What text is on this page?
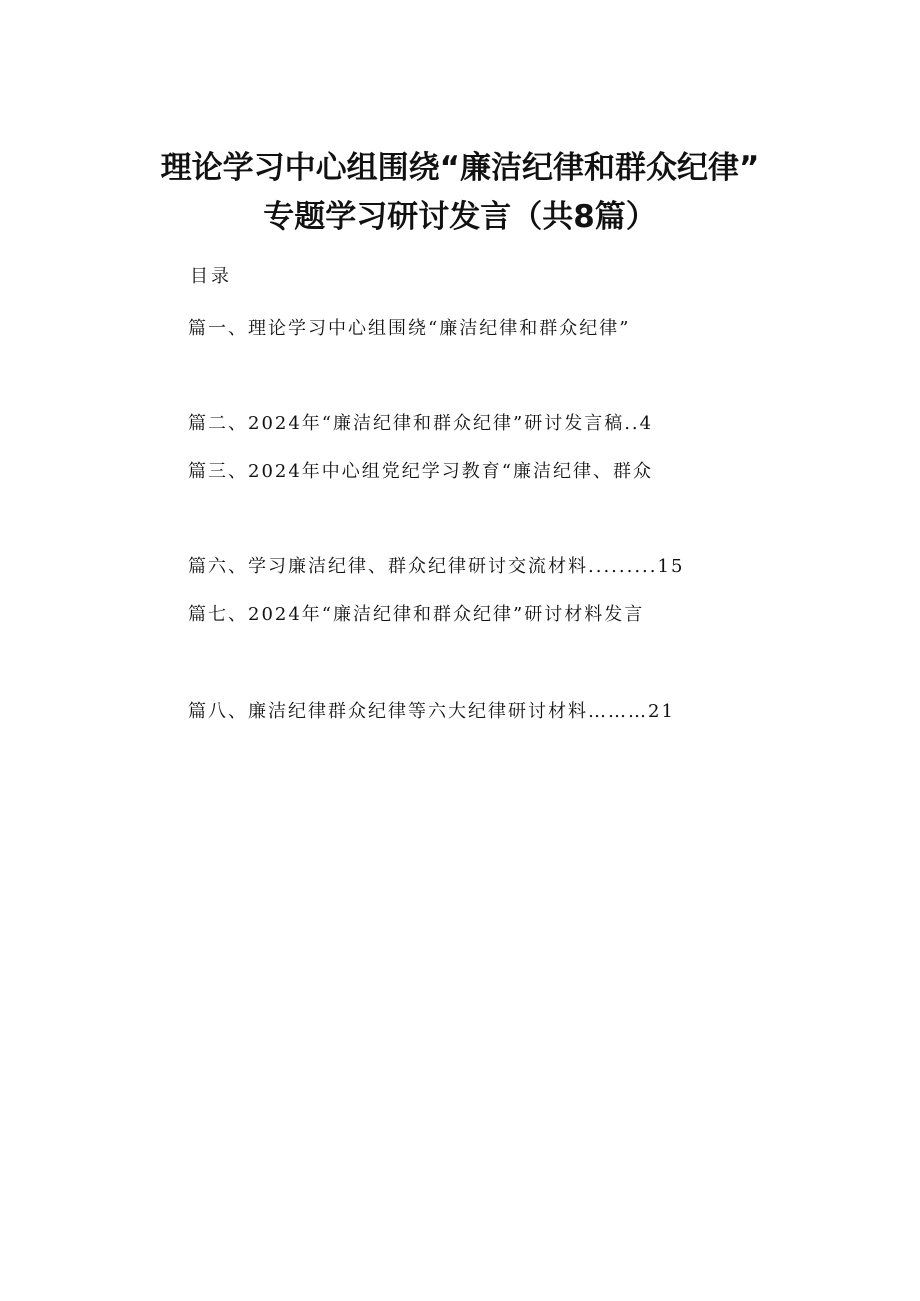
理论学习中心组围绕“廉洁纪律和群众纪律”
专题学习研讨发言（共8篇）
目录
篇一、理论学习中心组围绕“廉洁纪律和群众纪律”
篇二、2024年“廉洁纪律和群众纪律”研讨发言稿..4
篇三、2024年中心组党纪学习教育“廉洁纪律、群众
篇六、学习廉洁纪律、群众纪律研讨交流材料.........15
篇七、2024年“廉洁纪律和群众纪律”研讨材料发言
篇八、廉洁纪律群众纪律等六大纪律研讨材料………21
